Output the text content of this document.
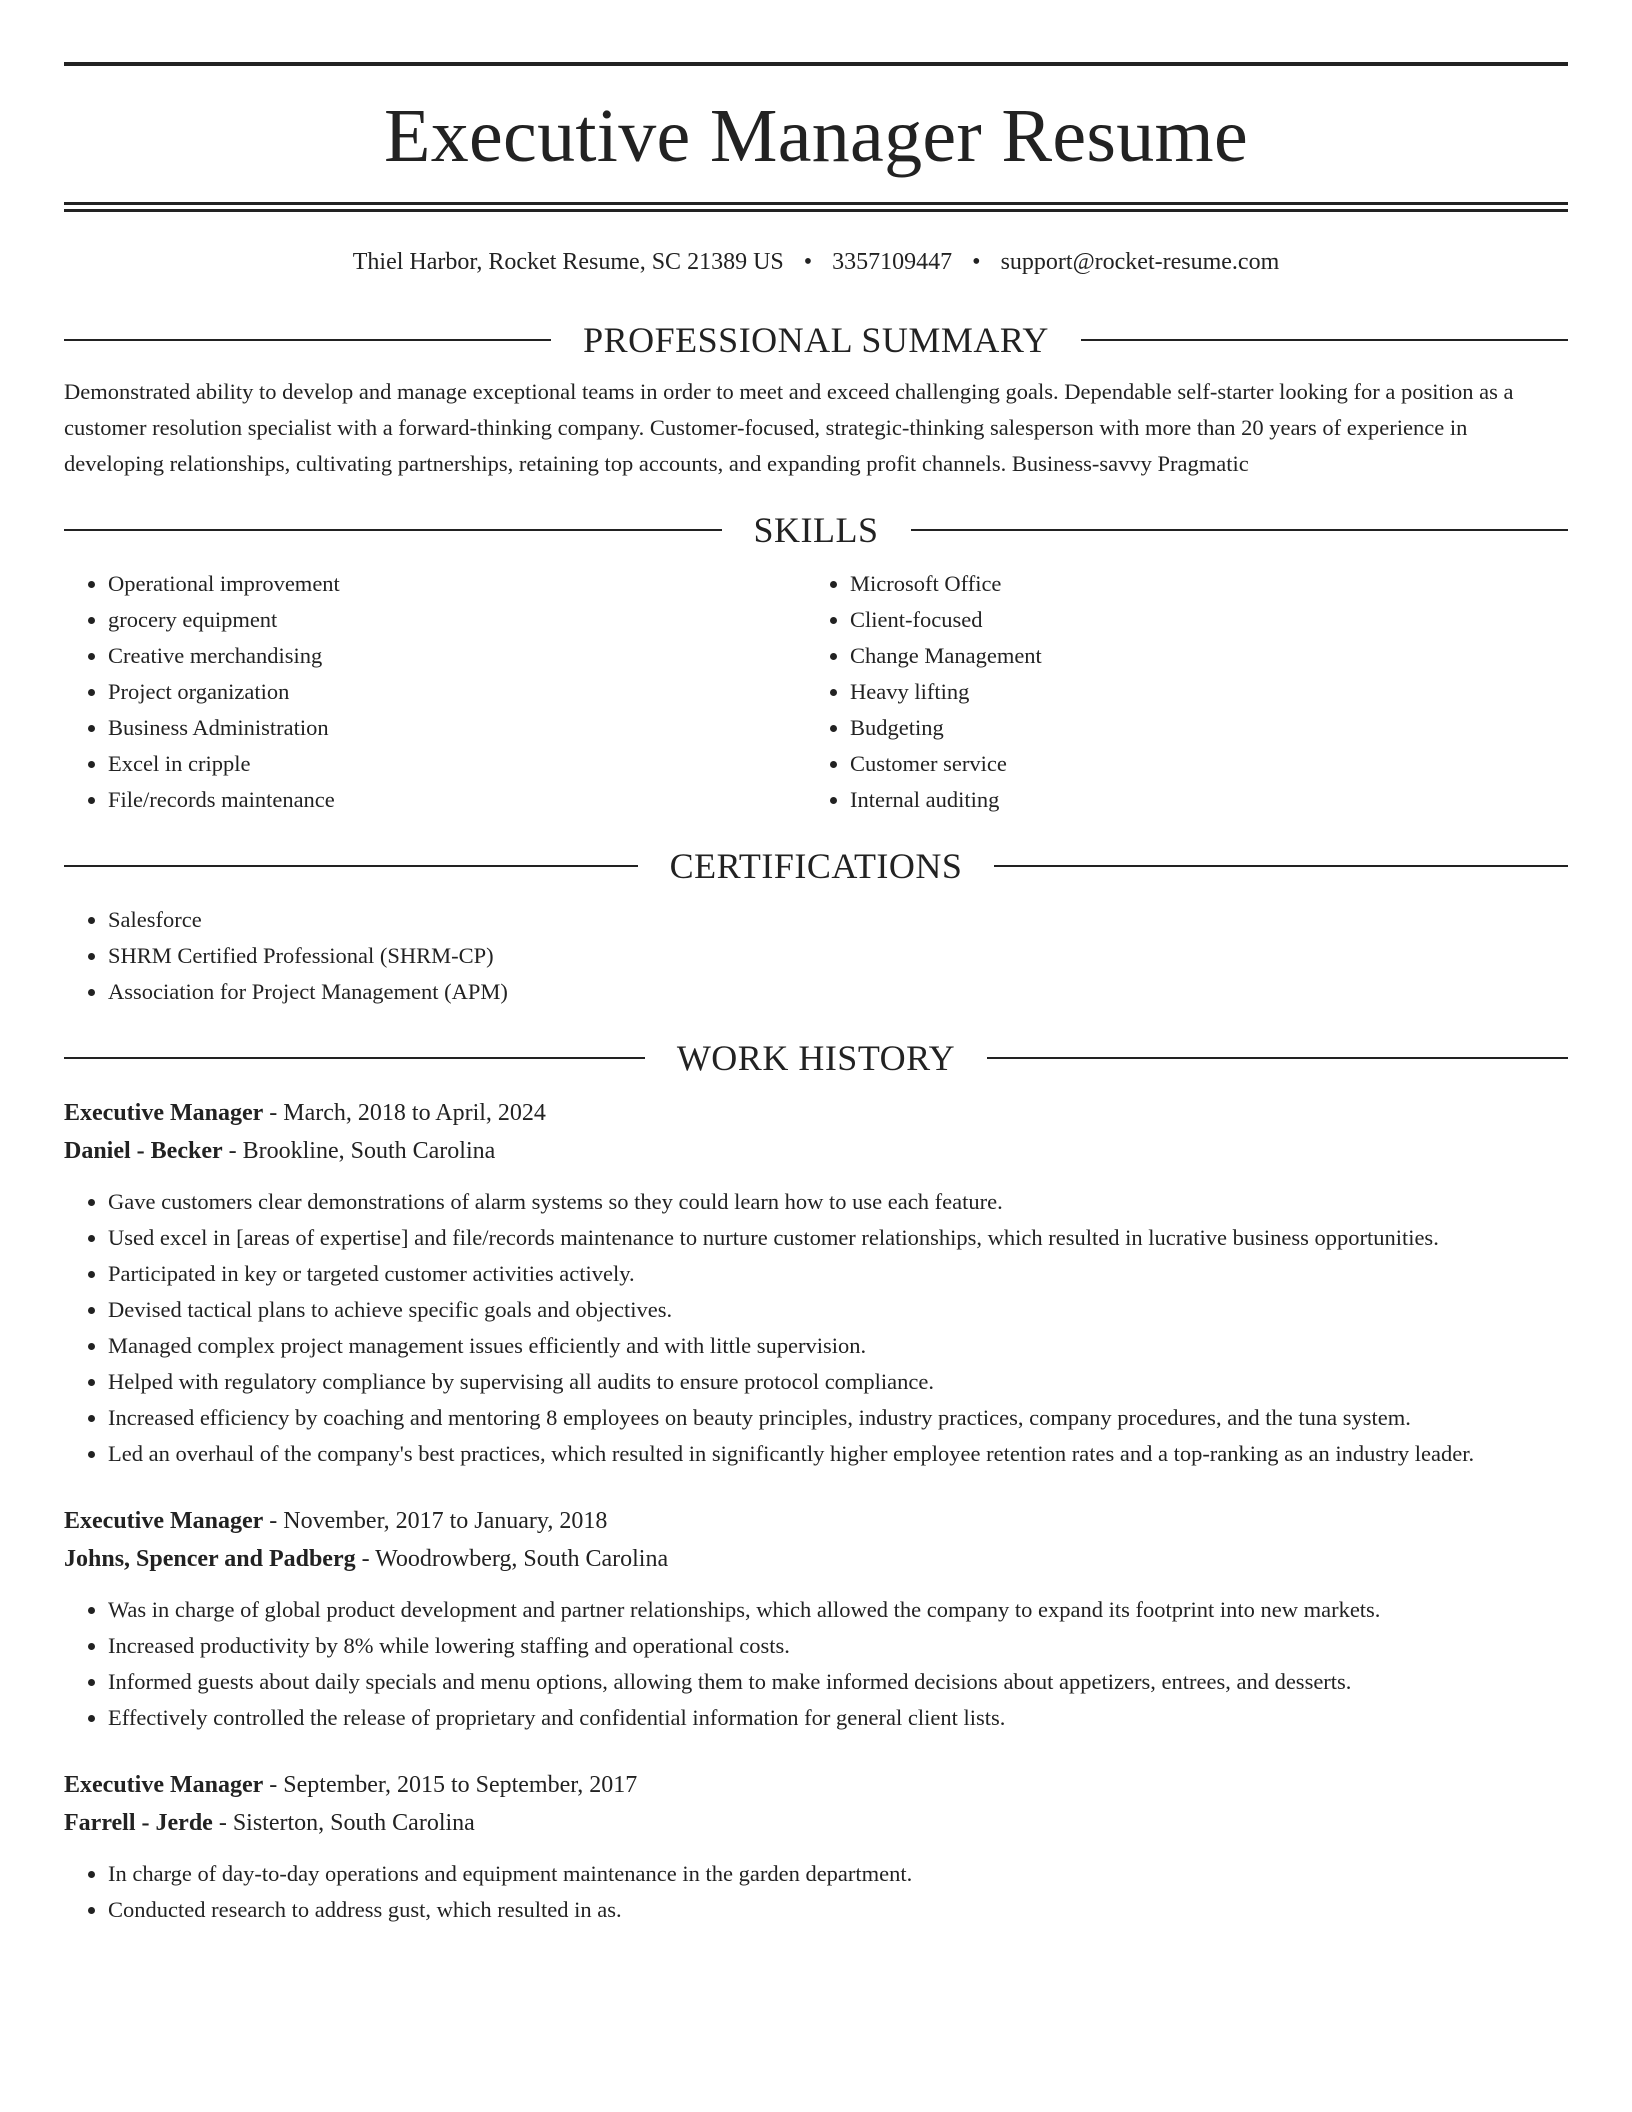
Executive Manager Resume
Thiel Harbor, Rocket Resume, SC 21389 US • 3357109447 • support@rocket-resume.com
PROFESSIONAL SUMMARY

Demonstrated ability to develop and manage exceptional teams in order to meet and exceed challenging goals. Dependable self-starter looking for a position as a customer resolution specialist with a forward-thinking company. Customer-focused, strategic-thinking salesperson with more than 20 years of experience in developing relationships, cultivating partnerships, retaining top accounts, and expanding profit channels. Business-savvy Pragmatic

SKILLS
• Operational improvement
• grocery equipment
• Creative merchandising
• Project organization
• Business Administration
• Excel in cripple
• File/records maintenance
• Microsoft Office
• Client-focused
• Change Management
• Heavy lifting
• Budgeting
• Customer service
• Internal auditing
CERTIFICATIONS
• Salesforce
• SHRM Certified Professional (SHRM-CP)
• Association for Project Management (APM)
WORK HISTORY
Executive Manager - March, 2018 to April, 2024
Daniel - Becker - Brookline, South Carolina
• Gave customers clear demonstrations of alarm systems so they could learn how to use each feature.
• Used excel in [areas of expertise] and file/records maintenance to nurture customer relationships, which resulted in lucrative business opportunities.
• Participated in key or targeted customer activities actively.
• Devised tactical plans to achieve specific goals and objectives.
• Managed complex project management issues efficiently and with little supervision.
• Helped with regulatory compliance by supervising all audits to ensure protocol compliance.
• Increased efficiency by coaching and mentoring 8 employees on beauty principles, industry practices, company procedures, and the tuna system.
• Led an overhaul of the company's best practices, which resulted in significantly higher employee retention rates and a top-ranking as an industry leader.
Executive Manager - November, 2017 to January, 2018
Johns, Spencer and Padberg - Woodrowberg, South Carolina
• Was in charge of global product development and partner relationships, which allowed the company to expand its footprint into new markets.
• Increased productivity by 8% while lowering staffing and operational costs.
• Informed guests about daily specials and menu options, allowing them to make informed decisions about appetizers, entrees, and desserts.
• Effectively controlled the release of proprietary and confidential information for general client lists.
Executive Manager - September, 2015 to September, 2017
Farrell - Jerde - Sisterton, South Carolina
• In charge of day-to-day operations and equipment maintenance in the garden department.
• Conducted research to address gust, which resulted in as.
